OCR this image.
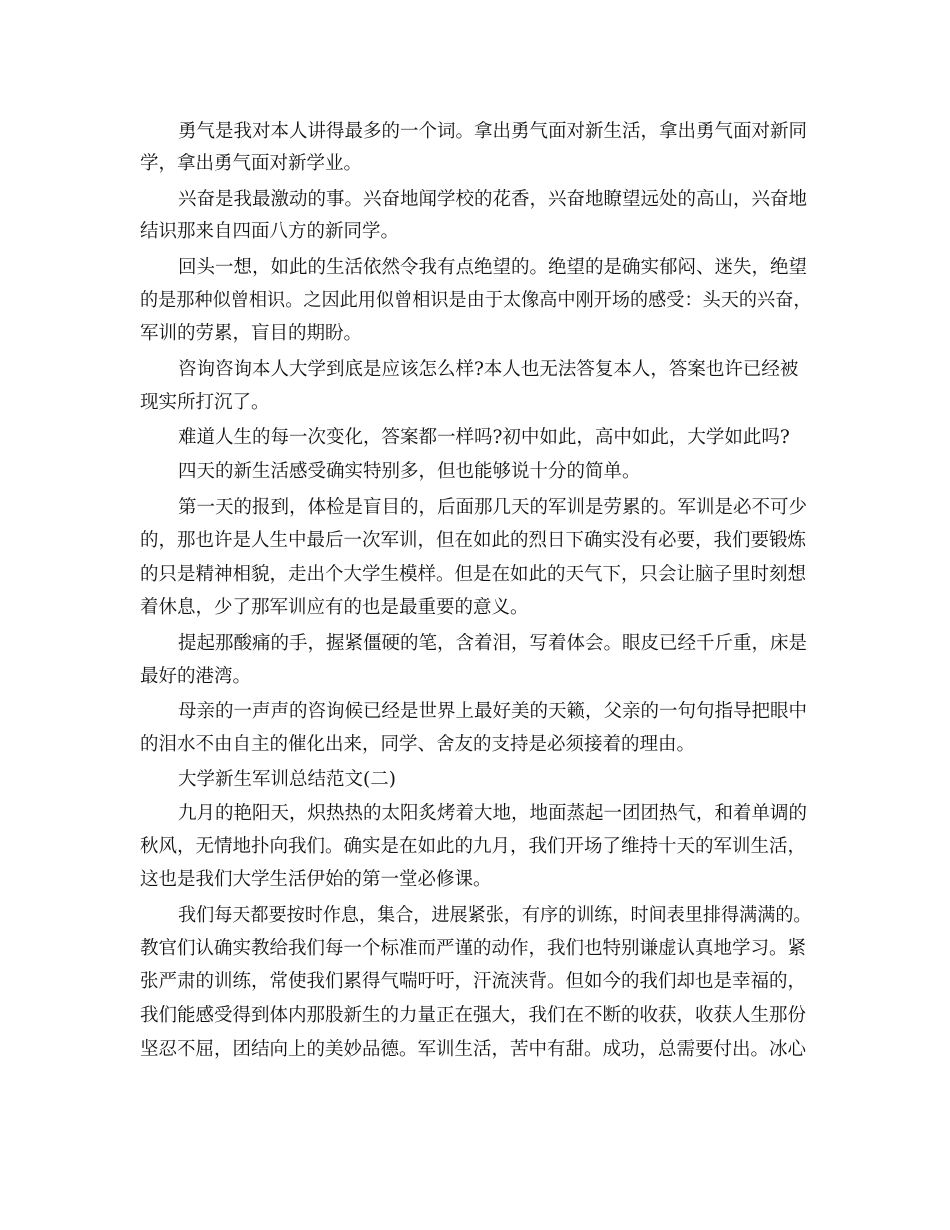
勇气是我对本人讲得最多的一个词。拿出勇气面对新生活，拿出勇气面对新同
学，拿出勇气面对新学业。
兴奋是我最激动的事。兴奋地闻学校的花香，兴奋地瞭望远处的高山，兴奋地
结识那来自四面八方的新同学。
回头一想，如此的生活依然令我有点绝望的。绝望的是确实郁闷、迷失，绝望
的是那种似曾相识。之因此用似曾相识是由于太像高中刚开场的感受：头天的兴奋，
军训的劳累，盲目的期盼。
咨询咨询本人大学到底是应该怎么样?本人也无法答复本人，答案也许已经被
现实所打沉了。
难道人生的每一次变化，答案都一样吗?初中如此，高中如此，大学如此吗?
四天的新生活感受确实特别多，但也能够说十分的简单。
第一天的报到，体检是盲目的，后面那几天的军训是劳累的。军训是必不可少
的，那也许是人生中最后一次军训，但在如此的烈日下确实没有必要，我们要锻炼
的只是精神相貌，走出个大学生模样。但是在如此的天气下，只会让脑子里时刻想
着休息，少了那军训应有的也是最重要的意义。
提起那酸痛的手，握紧僵硬的笔，含着泪，写着体会。眼皮已经千斤重，床是
最好的港湾。
母亲的一声声的咨询候已经是世界上最好美的天籁，父亲的一句句指导把眼中
的泪水不由自主的催化出来，同学、舍友的支持是必须接着的理由。
大学新生军训总结范文(二)
九月的艳阳天，炽热热的太阳炙烤着大地，地面蒸起一团团热气，和着单调的
秋风，无情地扑向我们。确实是在如此的九月，我们开场了维持十天的军训生活，
这也是我们大学生活伊始的第一堂必修课。
我们每天都要按时作息，集合，进展紧张，有序的训练，时间表里排得满满的。
教官们认确实教给我们每一个标准而严谨的动作，我们也特别谦虚认真地学习。紧
张严肃的训练，常使我们累得气喘吁吁，汗流浃背。但如今的我们却也是幸福的，
我们能感受得到体内那股新生的力量正在强大，我们在不断的收获，收获人生那份
坚忍不屈，团结向上的美妙品德。军训生活，苦中有甜。成功，总需要付出。冰心
